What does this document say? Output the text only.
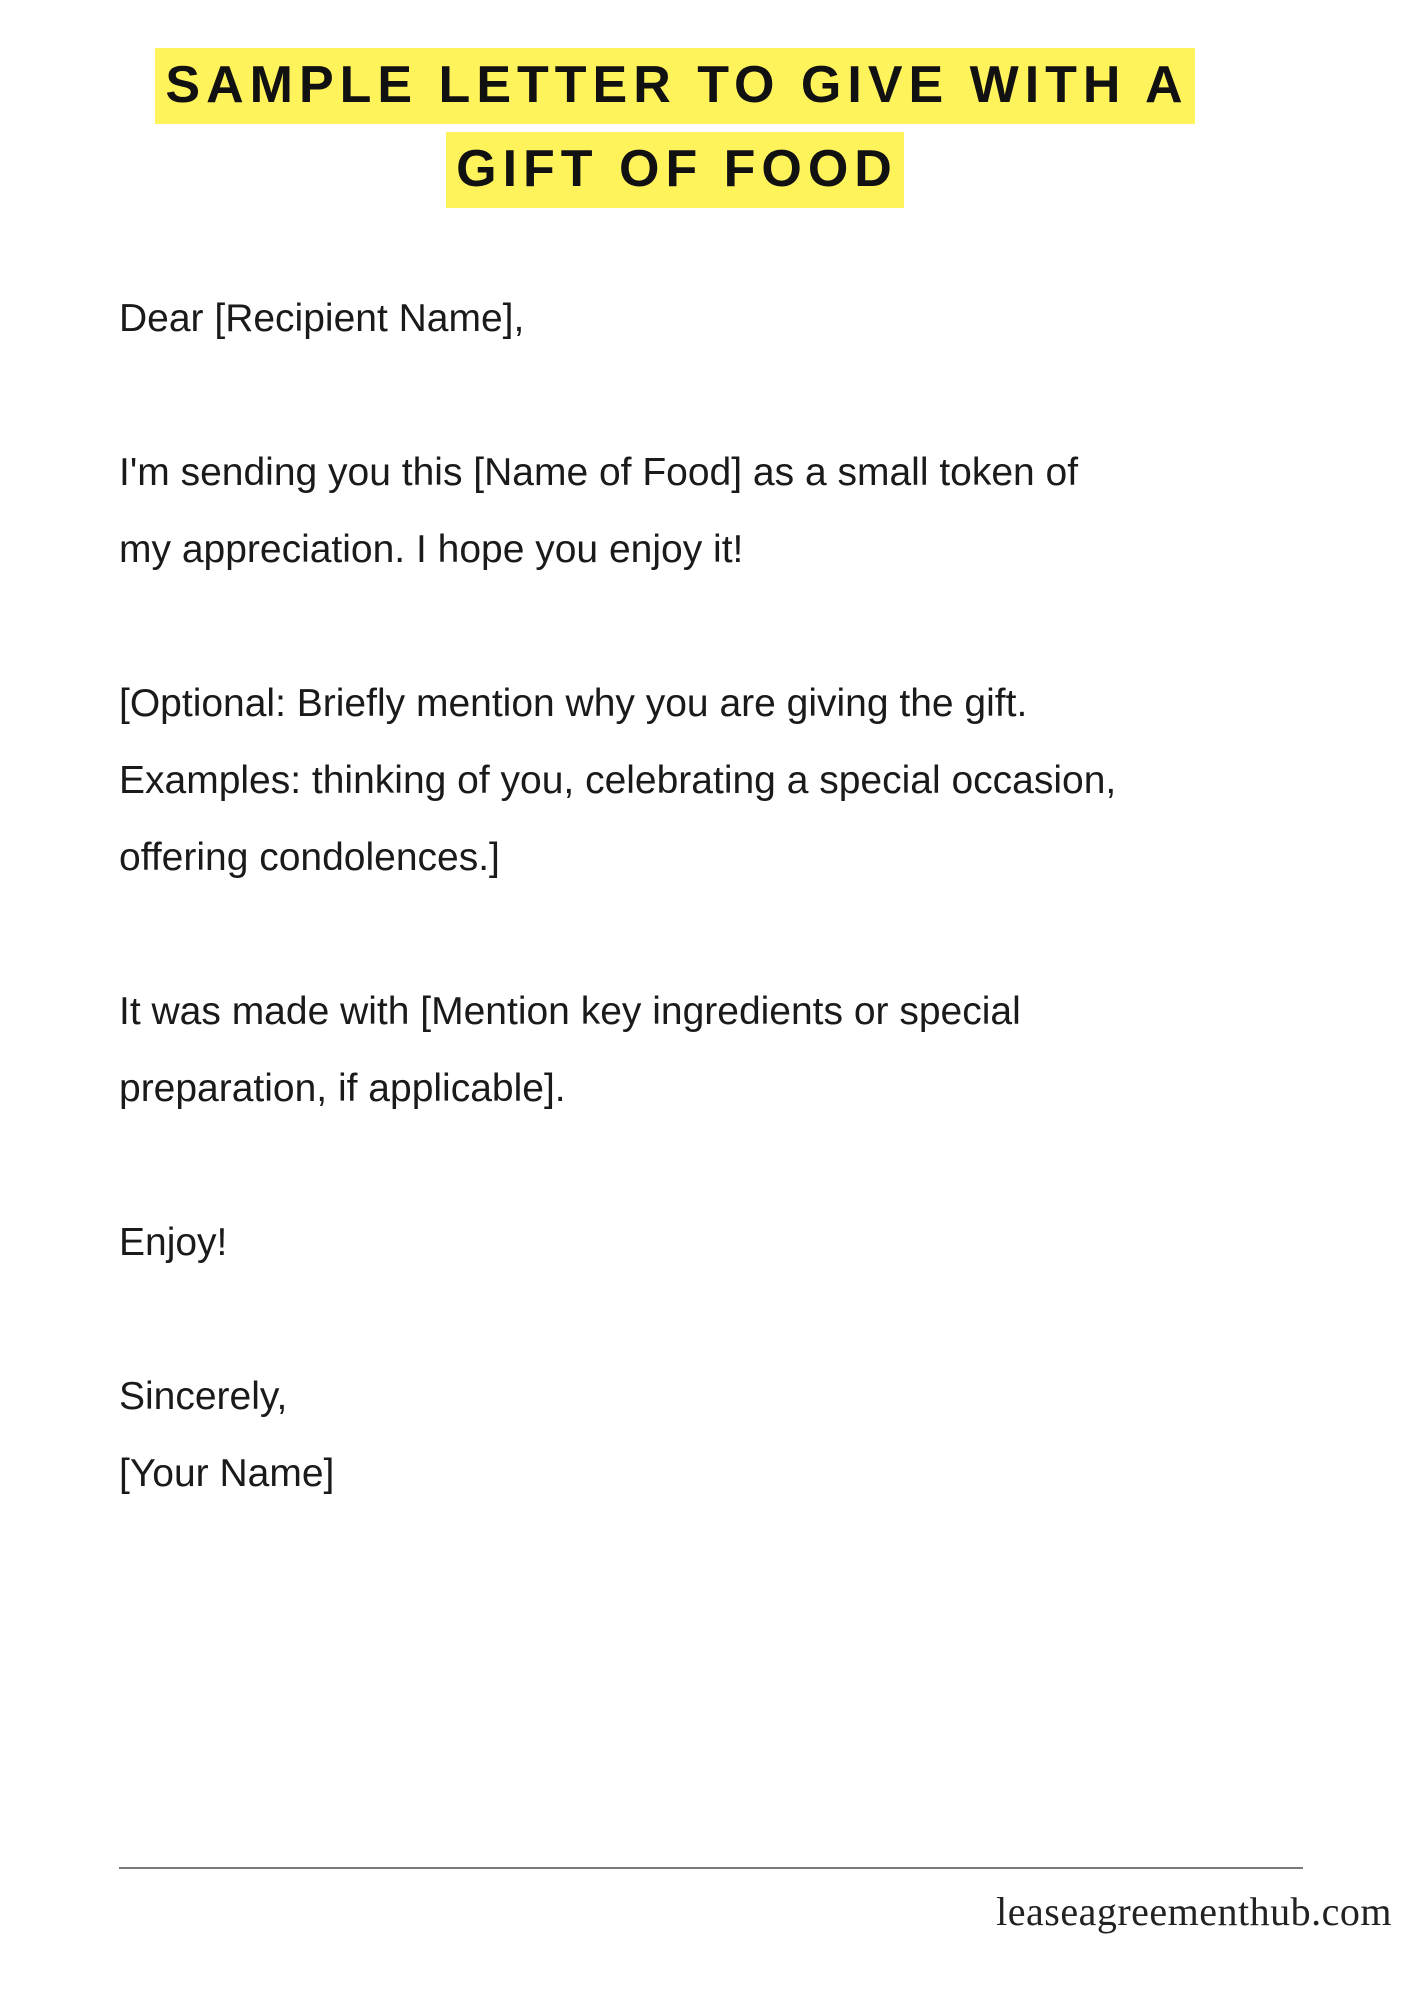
SAMPLE LETTER TO GIVE WITH A
GIFT OF FOOD

Dear [Recipient Name],

I'm sending you this [Name of Food] as a small token of
my appreciation. I hope you enjoy it!

[Optional: Briefly mention why you are giving the gift.
Examples: thinking of you, celebrating a special occasion,
offering condolences.]

It was made with [Mention key ingredients or special
preparation, if applicable].

Enjoy!

Sincerely,
[Your Name]

leaseagreementhub.com
